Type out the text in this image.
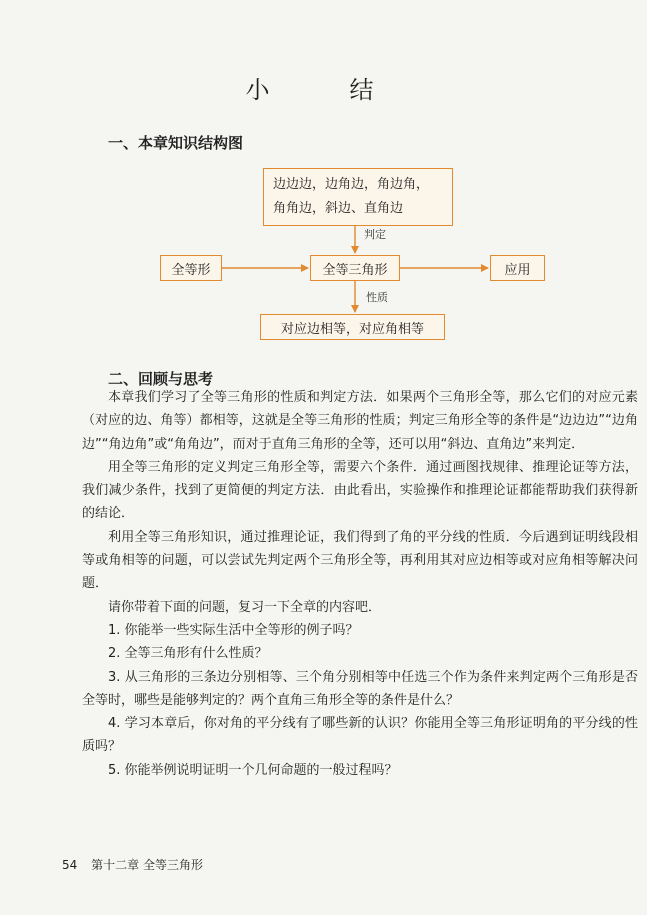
小　结
一、本章知识结构图
边边边，边角边，角边角，
角角边，斜边、直角边
判定
全等形	全等三角形	应用
性质
对应边相等，对应角相等
二、回顾与思考

本章我们学习了全等三角形的性质和判定方法．如果两个三角形全等，那么它们的对应元素（对应的边、角等）都相等，这就是全等三角形的性质；判定三角形全等的条件是“边边边”“边角边”“角边角”或“角角边”，而对于直角三角形的全等，还可以用“斜边、直角边”来判定．

用全等三角形的定义判定三角形全等，需要六个条件．通过画图找规律、推理论证等方法，我们减少条件，找到了更简便的判定方法．由此看出，实验操作和推理论证都能帮助我们获得新的结论．

利用全等三角形知识，通过推理论证，我们得到了角的平分线的性质．今后遇到证明线段相等或角相等的问题，可以尝试先判定两个三角形全等，再利用其对应边相等或对应角相等解决问题．

请你带着下面的问题，复习一下全章的内容吧．

1. 你能举一些实际生活中全等形的例子吗？

2. 全等三角形有什么性质？

3. 从三角形的三条边分别相等、三个角分别相等中任选三个作为条件来判定两个三角形是否全等时，哪些是能够判定的？两个直角三角形全等的条件是什么？

4. 学习本章后，你对角的平分线有了哪些新的认识？你能用全等三角形证明角的平分线的性质吗？

5. 你能举例说明证明一个几何命题的一般过程吗？

54 第十二章 全等三角形
